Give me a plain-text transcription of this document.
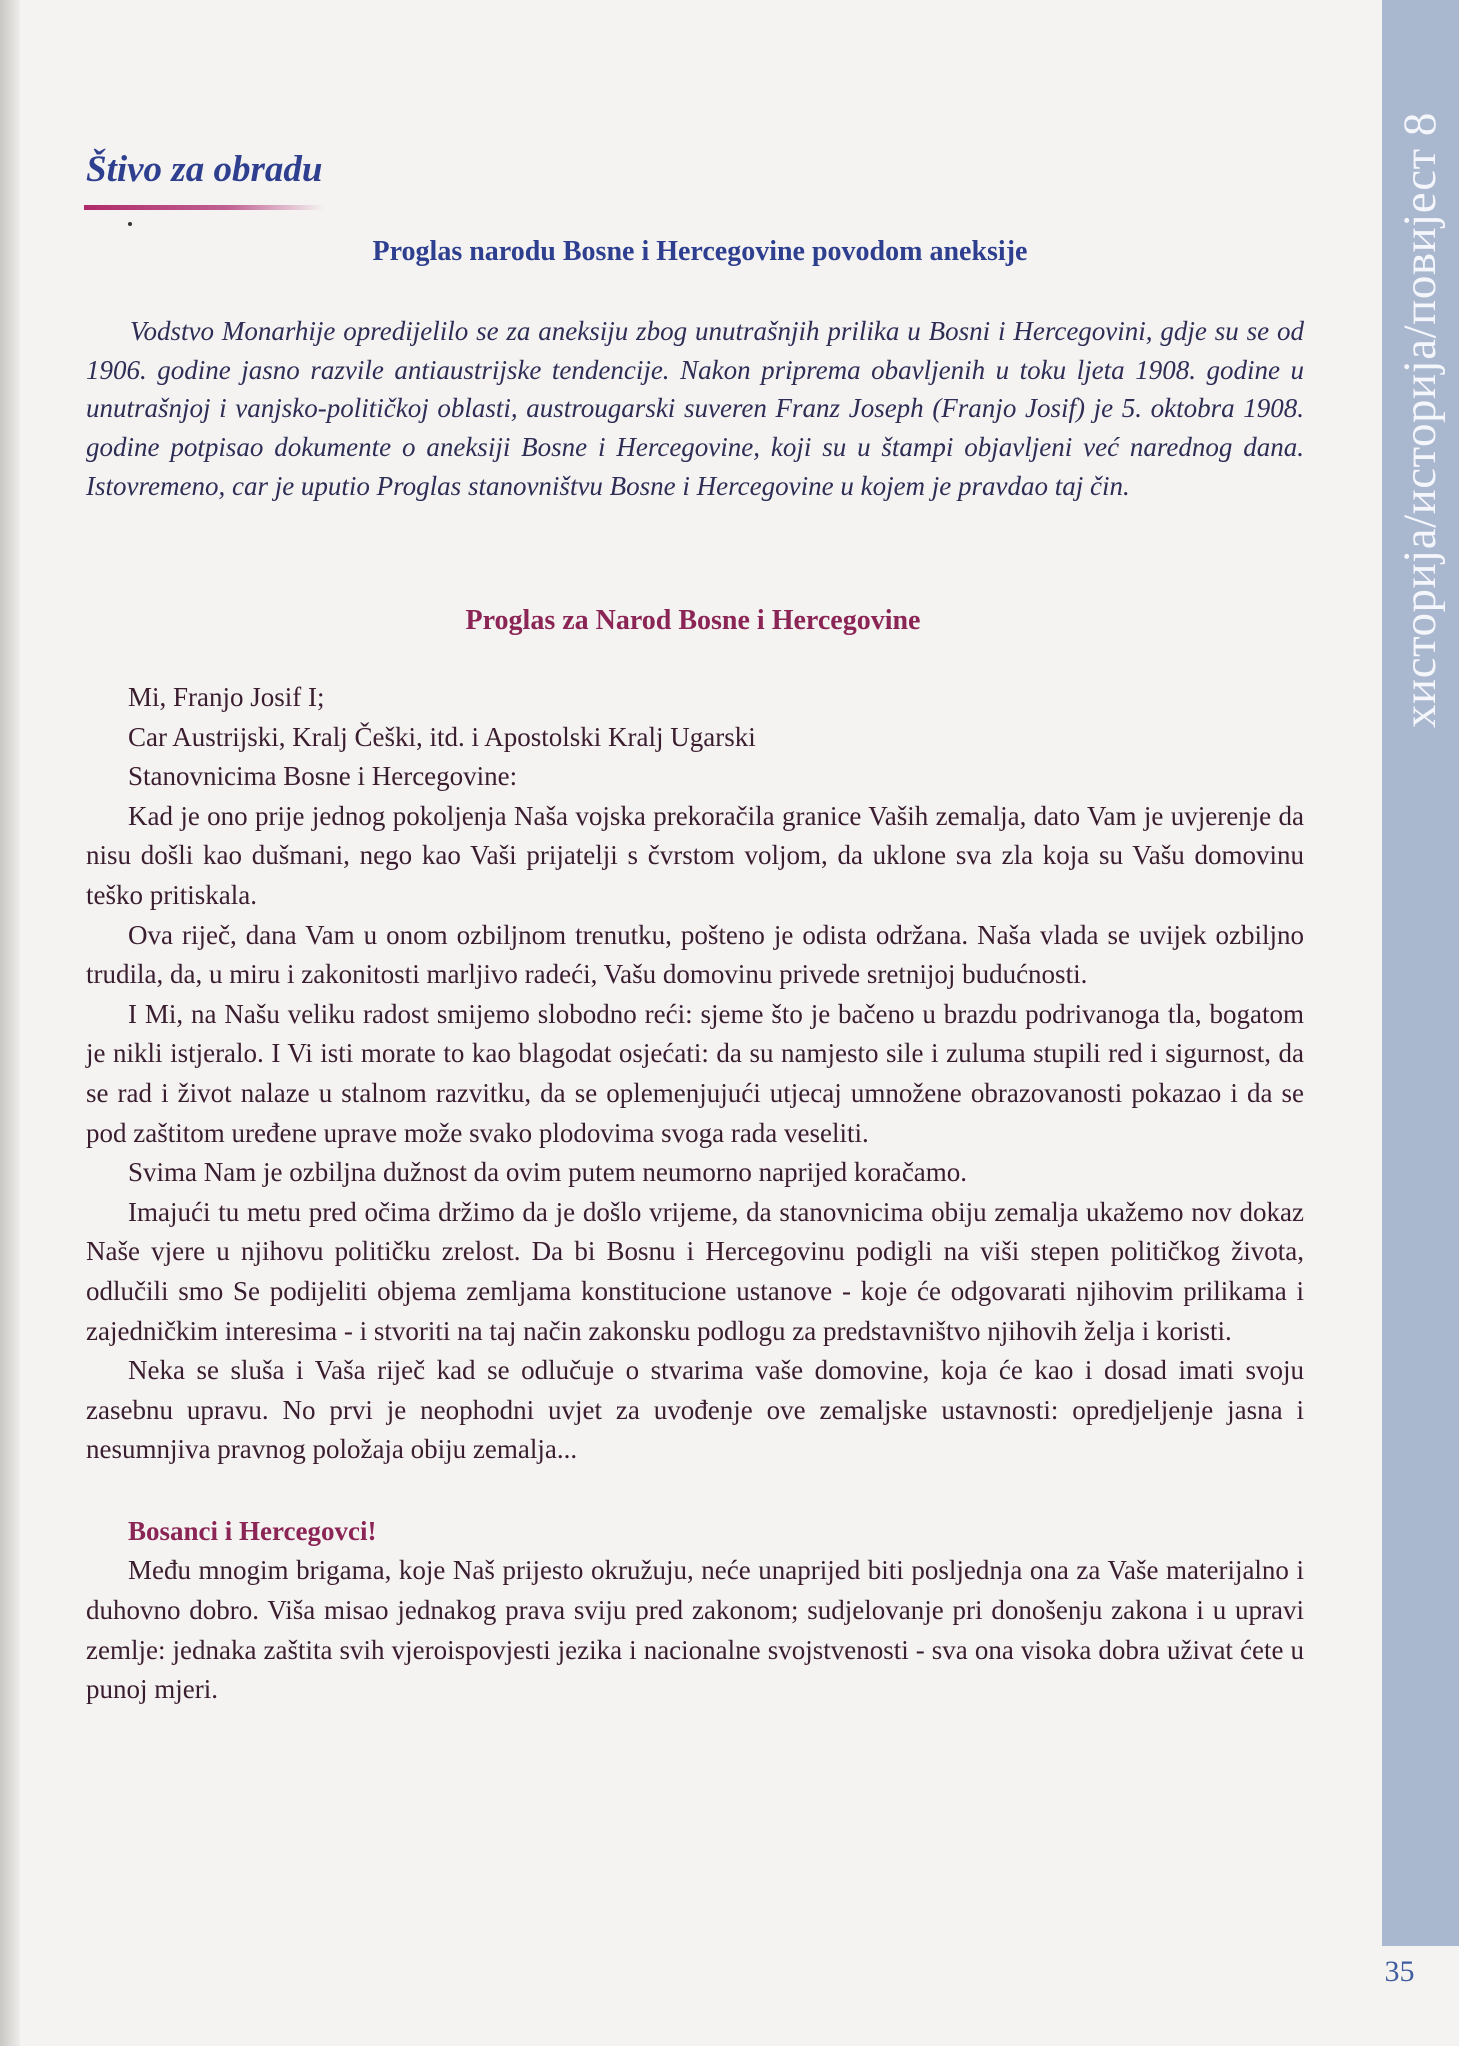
хисторија/историја/повијест 8
Štivo za obradu
Proglas narodu Bosne i Hercegovine povodom aneksije

Vodstvo Monarhije opredijelilo se za aneksiju zbog unutrašnjih prilika u Bosni i Hercegovini, gdje su se od 1906. godine jasno razvile antiaustrijske tendencije. Nakon priprema obavljenih u toku ljeta 1908. godine u unutrašnjoj i vanjsko-političkoj oblasti, austrougarski suveren Franz Joseph (Franjo Josif) je 5. oktobra 1908. godine potpisao dokumente o aneksiji Bosne i Hercegovine, koji su u štampi objavljeni već narednog dana. Istovremeno, car je uputio Proglas stanovništvu Bosne i Hercegovine u kojem je pravdao taj čin.

Proglas za Narod Bosne i Hercegovine

Mi, Franjo Josif I;

Car Austrijski, Kralj Češki, itd. i Apostolski Kralj Ugarski

Stanovnicima Bosne i Hercegovine:

Kad je ono prije jednog pokoljenja Naša vojska prekoračila granice Vaših zemalja, dato Vam je uvjerenje da nisu došli kao dušmani, nego kao Vaši prijatelji s čvrstom voljom, da uklone sva zla koja su Vašu domovinu teško pritiskala.

Ova riječ, dana Vam u onom ozbiljnom trenutku, pošteno je odista održana. Naša vlada se uvijek ozbiljno trudila, da, u miru i zakonitosti marljivo radeći, Vašu domovinu privede sretnijoj budućnosti.

I Mi, na Našu veliku radost smijemo slobodno reći: sjeme što je bačeno u brazdu podrivanoga tla, bogatom je nikli istjeralo. I Vi isti morate to kao blagodat osjećati: da su namjesto sile i zuluma stupili red i sigurnost, da se rad i život nalaze u stalnom razvitku, da se oplemenjujući utjecaj umnožene obrazovanosti pokazao i da se pod zaštitom uređene uprave može svako plodovima svoga rada veseliti.

Svima Nam je ozbiljna dužnost da ovim putem neumorno naprijed koračamo.

Imajući tu metu pred očima držimo da je došlo vrijeme, da stanovnicima obiju zemalja ukažemo nov dokaz Naše vjere u njihovu političku zrelost. Da bi Bosnu i Hercegovinu podigli na viši stepen političkog života, odlučili smo Se podijeliti objema zemljama konstitucione ustanove - koje će odgovarati njihovim prilikama i zajedničkim interesima - i stvoriti na taj način zakonsku podlogu za predstavništvo njihovih želja i koristi.

Neka se sluša i Vaša riječ kad se odlučuje o stvarima vaše domovine, koja će kao i dosad imati svoju zasebnu upravu. No prvi je neophodni uvjet za uvođenje ove zemaljske ustavnosti: opredjeljenje jasna i nesumnjiva pravnog položaja obiju zemalja...

Bosanci i Hercegovci!

Među mnogim brigama, koje Naš prijesto okružuju, neće unaprijed biti posljednja ona za Vaše materijalno i duhovno dobro. Viša misao jednakog prava sviju pred zakonom; sudjelovanje pri donošenju zakona i u upravi zemlje: jednaka zaštita svih vjeroispovjesti jezika i nacionalne svojstvenosti - sva ona visoka dobra uživat ćete u punoj mjeri.

35
